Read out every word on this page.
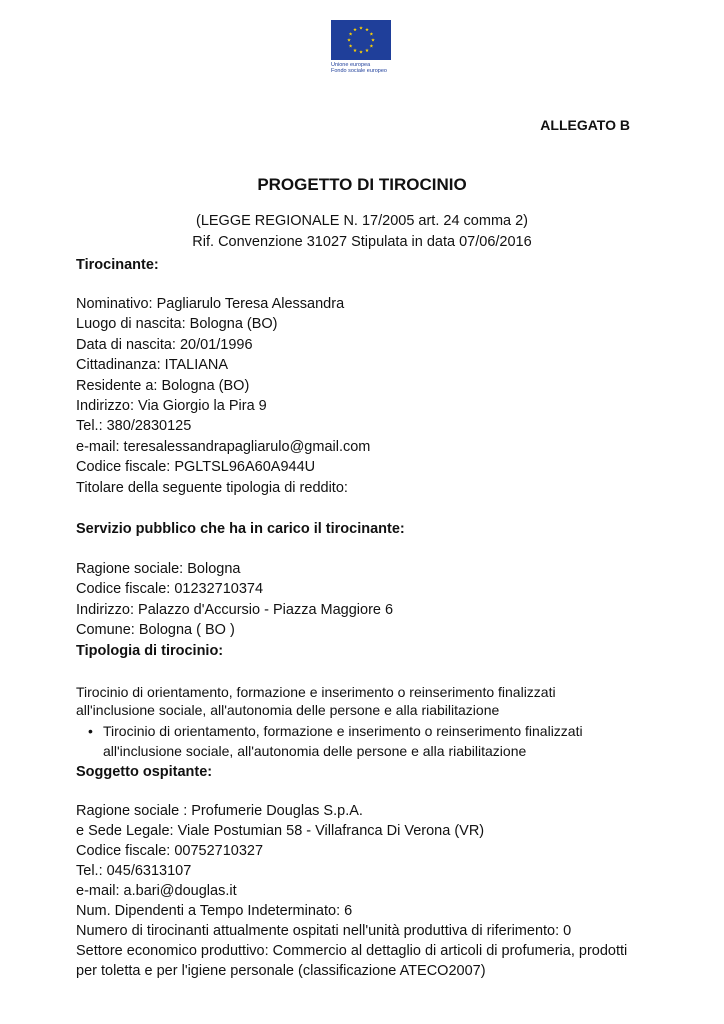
Unione europea
Fondo sociale europeo
ALLEGATO B
PROGETTO DI TIROCINIO
(LEGGE REGIONALE N. 17/2005 art. 24 comma 2)
Rif. Convenzione 31027 Stipulata in data 07/06/2016
Tirocinante:
Nominativo: Pagliarulo Teresa Alessandra
Luogo di nascita: Bologna (BO)
Data di nascita: 20/01/1996
Cittadinanza: ITALIANA
Residente a: Bologna (BO)
Indirizzo: Via Giorgio la Pira 9
Tel.: 380/2830125
e-mail: teresalessandrapagliarulo@gmail.com
Codice fiscale: PGLTSL96A60A944U
Titolare della seguente tipologia di reddito:
Servizio pubblico che ha in carico il tirocinante:
Ragione sociale: Bologna
Codice fiscale: 01232710374
Indirizzo: Palazzo d'Accursio - Piazza Maggiore 6
Comune: Bologna ( BO )
Tipologia di tirocinio:
Tirocinio di orientamento, formazione e inserimento o reinserimento finalizzati
all'inclusione sociale, all'autonomia delle persone e alla riabilitazione
• Tirocinio di orientamento, formazione e inserimento o reinserimento finalizzati
all'inclusione sociale, all'autonomia delle persone e alla riabilitazione
Soggetto ospitante:
Ragione sociale : Profumerie Douglas S.p.A.
e Sede Legale: Viale Postumian 58 - Villafranca Di Verona (VR)
Codice fiscale: 00752710327
Tel.: 045/6313107
e-mail: a.bari@douglas.it
Num. Dipendenti a Tempo Indeterminato: 6
Numero di tirocinanti attualmente ospitati nell'unità produttiva di riferimento: 0
Settore economico produttivo: Commercio al dettaglio di articoli di profumeria, prodotti
per toletta e per l'igiene personale (classificazione ATECO2007)
